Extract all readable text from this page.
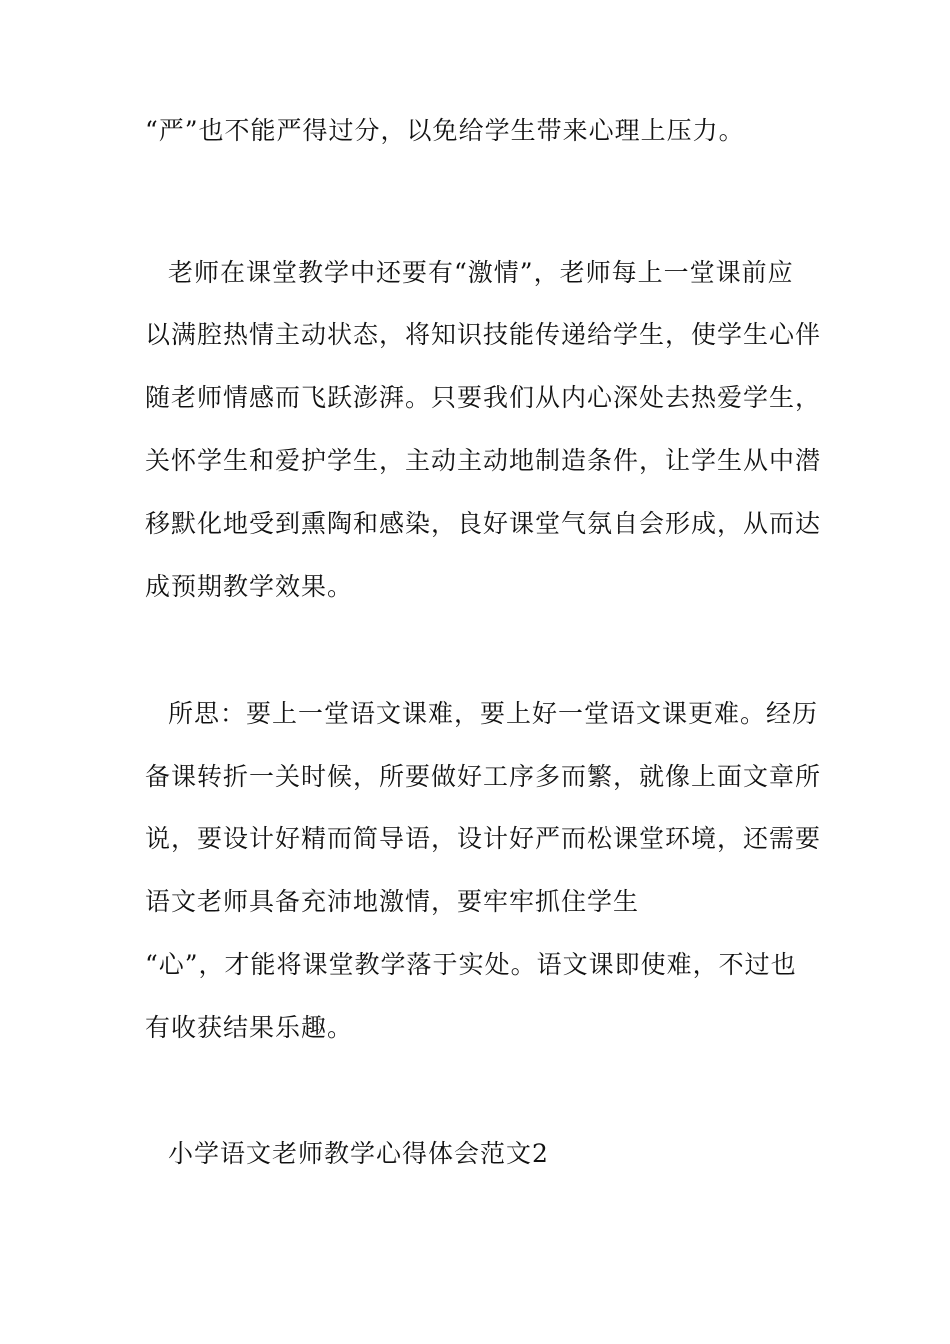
“严”也不能严得过分，以免给学生带来心理上压力。
老师在课堂教学中还要有“激情”，老师每上一堂课前应
以满腔热情主动状态，将知识技能传递给学生，使学生心伴
随老师情感而飞跃澎湃。只要我们从内心深处去热爱学生，
关怀学生和爱护学生，主动主动地制造条件，让学生从中潜
移默化地受到熏陶和感染，良好课堂气氛自会形成，从而达
成预期教学效果。
所思：要上一堂语文课难，要上好一堂语文课更难。经历
备课转折一关时候，所要做好工序多而繁，就像上面文章所
说，要设计好精而简导语，设计好严而松课堂环境，还需要
语文老师具备充沛地激情，要牢牢抓住学生
“心”，才能将课堂教学落于实处。语文课即使难，不过也
有收获结果乐趣。
小学语文老师教学心得体会范文2
